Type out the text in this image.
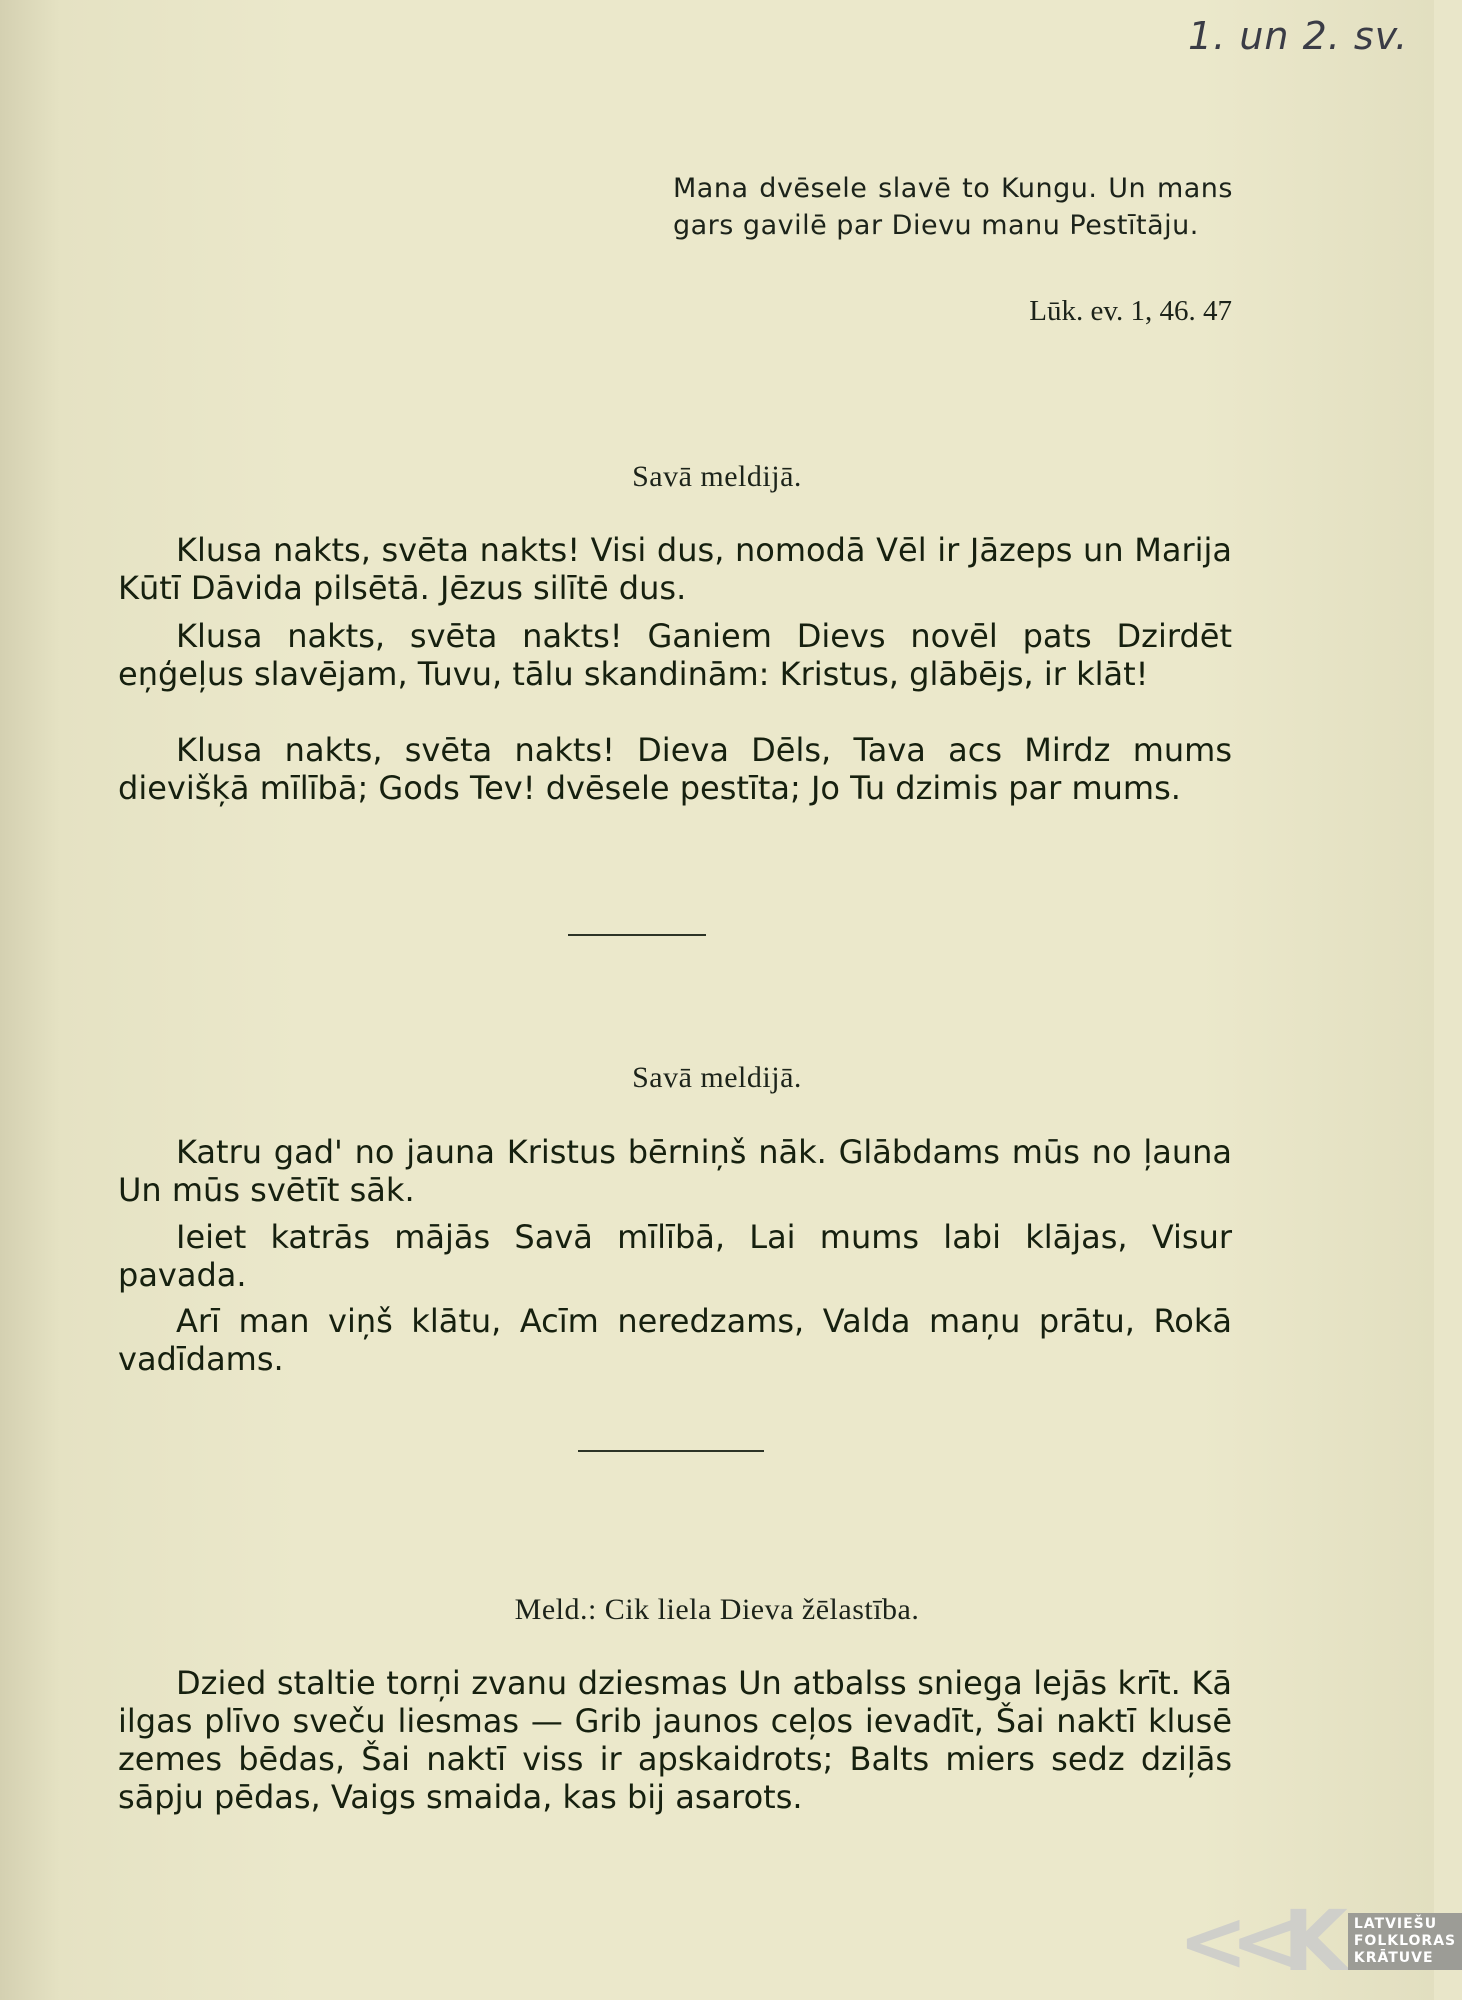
1. un 2. sv.
Mana dvēsele slavē to Kungu. Un mans gars gavilē par Dievu manu Pestītāju.
Lūk. ev. 1, 46. 47
Savā meldijā.
Klusa nakts, svēta nakts! Visi dus, nomodā Vēl ir Jāzeps un Marija Kūtī Dāvida pilsētā. Jēzus silītē dus.
Klusa nakts, svēta nakts! Ganiem Dievs novēl pats Dzirdēt eņģeļus slavējam, Tuvu, tālu skandinām: Kristus, glābējs, ir klāt!
Klusa nakts, svēta nakts! Dieva Dēls, Tava acs Mirdz mums dievišķā mīlībā; Gods Tev! dvēsele pestīta; Jo Tu dzimis par mums.
Savā meldijā.
Katru gad' no jauna Kristus bērniņš nāk. Glābdams mūs no ļauna Un mūs svētīt sāk.
Ieiet katrās mājās Savā mīlībā, Lai mums labi klājas, Visur pavada.
Arī man viņš klātu, Acīm neredzams, Valda maņu prātu, Rokā vadīdams.
Meld.: Cik liela Dieva žēlastība.
Dzied staltie torņi zvanu dziesmas Un atbalss sniega lejās krīt. Kā ilgas plīvo sveču liesmas — Grib jaunos ceļos ievadīt, Šai naktī klusē zemes bēdas, Šai naktī viss ir apskaidrots; Balts miers sedz dziļās sāpju pēdas, Vaigs smaida, kas bij asarots.
<<K LATVIEŠU
FOLKLORAS
KRĀTUVE
